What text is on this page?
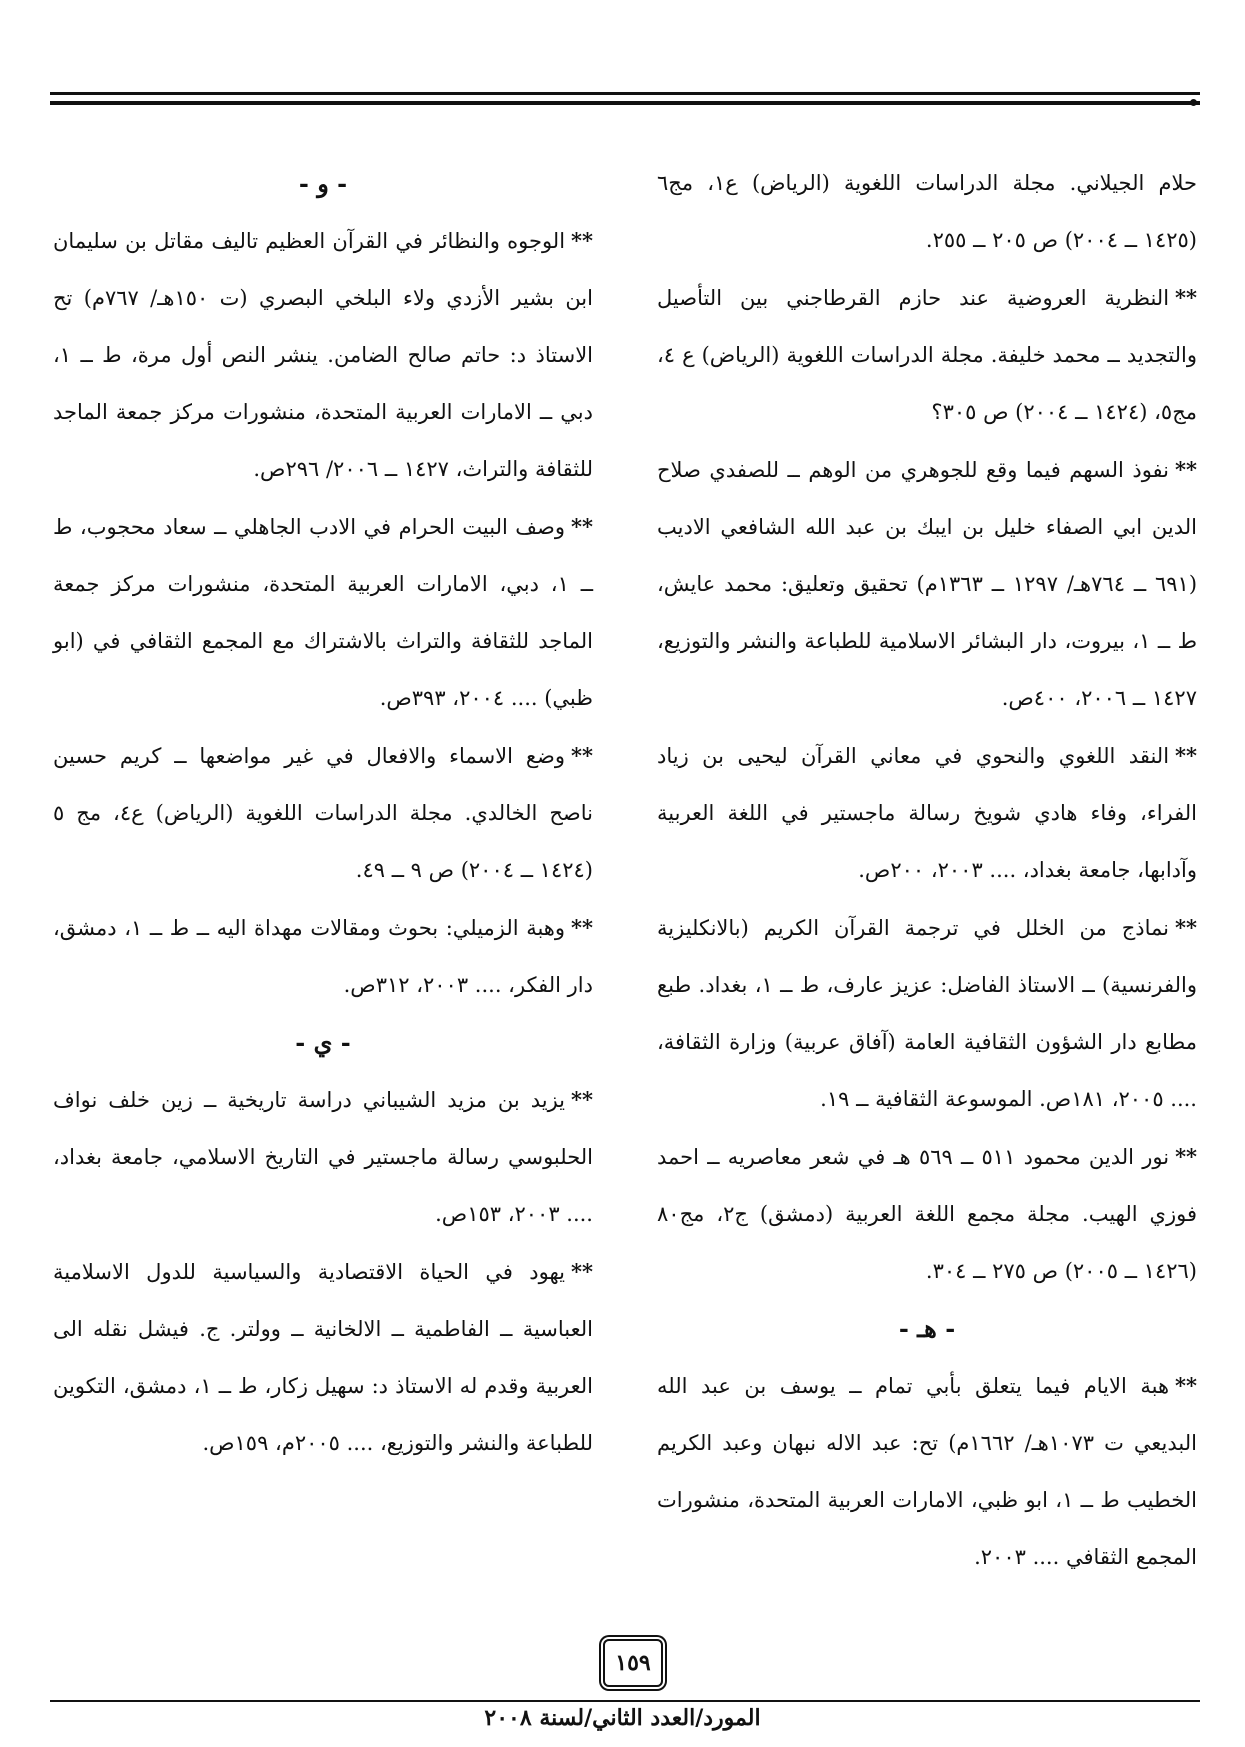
حلام الجيلاني. مجلة الدراسات اللغوية (الرياض) ع١، مج٦ (١٤٢٥ ــ ٢٠٠٤) ص ٢٠٥ ــ ٢٥٥.

**النظرية العروضية عند حازم القرطاجني بين التأصيل والتجديد ــ محمد خليفة. مجلة الدراسات اللغوية (الرياض) ع ٤، مج٥، (١٤٢٤ ــ ٢٠٠٤) ص ٣٠٥؟

**نفوذ السهم فيما وقع للجوهري من الوهم ــ للصفدي صلاح الدين ابي الصفاء خليل بن ايبك بن عبد الله الشافعي الاديب (٦٩١ ــ ٧٦٤هـ/ ١٢٩٧ ــ ١٣٦٣م) تحقيق وتعليق: محمد عايش، ط ــ ١، بيروت، دار البشائر الاسلامية للطباعة والنشر والتوزيع، ١٤٢٧ ــ ٢٠٠٦، ٤٠٠ص.

**النقد اللغوي والنحوي في معاني القرآن ليحيى بن زياد الفراء، وفاء هادي شويخ رسالة ماجستير في اللغة العربية وآدابها، جامعة بغداد، .... ٢٠٠٣، ٢٠٠ص.

**نماذج من الخلل في ترجمة القرآن الكريم (بالانكليزية والفرنسية) ــ الاستاذ الفاضل: عزيز عارف، ط ــ ١، بغداد. طبع مطابع دار الشؤون الثقافية العامة (آفاق عربية) وزارة الثقافة، .... ٢٠٠٥، ١٨١ص. الموسوعة الثقافية ــ ١٩.

**نور الدين محمود ٥١١ ــ ٥٦٩ هـ في شعر معاصريه ــ احمد فوزي الهيب. مجلة مجمع اللغة العربية (دمشق) ج٢، مج٨٠ (١٤٢٦ ــ ٢٠٠٥) ص ٢٧٥ ــ ٣٠٤.

- هـ -

**هبة الايام فيما يتعلق بأبي تمام ــ يوسف بن عبد الله البديعي ت ١٠٧٣هـ/ ١٦٦٢م) تح: عبد الاله نبهان وعبد الكريم الخطيب ط ــ ١، ابو ظبي، الامارات العربية المتحدة، منشورات المجمع الثقافي .... ٢٠٠٣.

- و -

**الوجوه والنظائر في القرآن العظيم تاليف مقاتل بن سليمان ابن بشير الأزدي ولاء البلخي البصري (ت ١٥٠هـ/ ٧٦٧م) تح الاستاذ د: حاتم صالح الضامن. ينشر النص أول مرة، ط ــ ١، دبي ــ الامارات العربية المتحدة، منشورات مركز جمعة الماجد للثقافة والتراث، ١٤٢٧ ــ ٢٠٠٦/ ٢٩٦ص.

**وصف البيت الحرام في الادب الجاهلي ــ سعاد محجوب، ط ــ ١، دبي، الامارات العربية المتحدة، منشورات مركز جمعة الماجد للثقافة والتراث بالاشتراك مع المجمع الثقافي في (ابو ظبي) .... ٢٠٠٤، ٣٩٣ص.

**وضع الاسماء والافعال في غير مواضعها ــ كريم حسين ناصح الخالدي. مجلة الدراسات اللغوية (الرياض) ع٤، مج ٥ (١٤٢٤ ــ ٢٠٠٤) ص ٩ ــ ٤٩.

**وهبة الزميلي: بحوث ومقالات مهداة اليه ــ ط ــ ١، دمشق، دار الفكر، .... ٢٠٠٣، ٣١٢ص.

- ي -

**يزيد بن مزيد الشيباني دراسة تاريخية ــ زين خلف نواف الحلبوسي رسالة ماجستير في التاريخ الاسلامي، جامعة بغداد، .... ٢٠٠٣، ١٥٣ص.

**يهود في الحياة الاقتصادية والسياسية للدول الاسلامية العباسية ــ الفاطمية ــ الالخانية ــ وولتر. ج. فيشل نقله الى العربية وقدم له الاستاذ د: سهيل زكار، ط ــ ١، دمشق، التكوين للطباعة والنشر والتوزيع، .... ٢٠٠٥م، ١٥٩ص.

١٥٩
المورد/العدد الثاني/لسنة ٢٠٠٨
